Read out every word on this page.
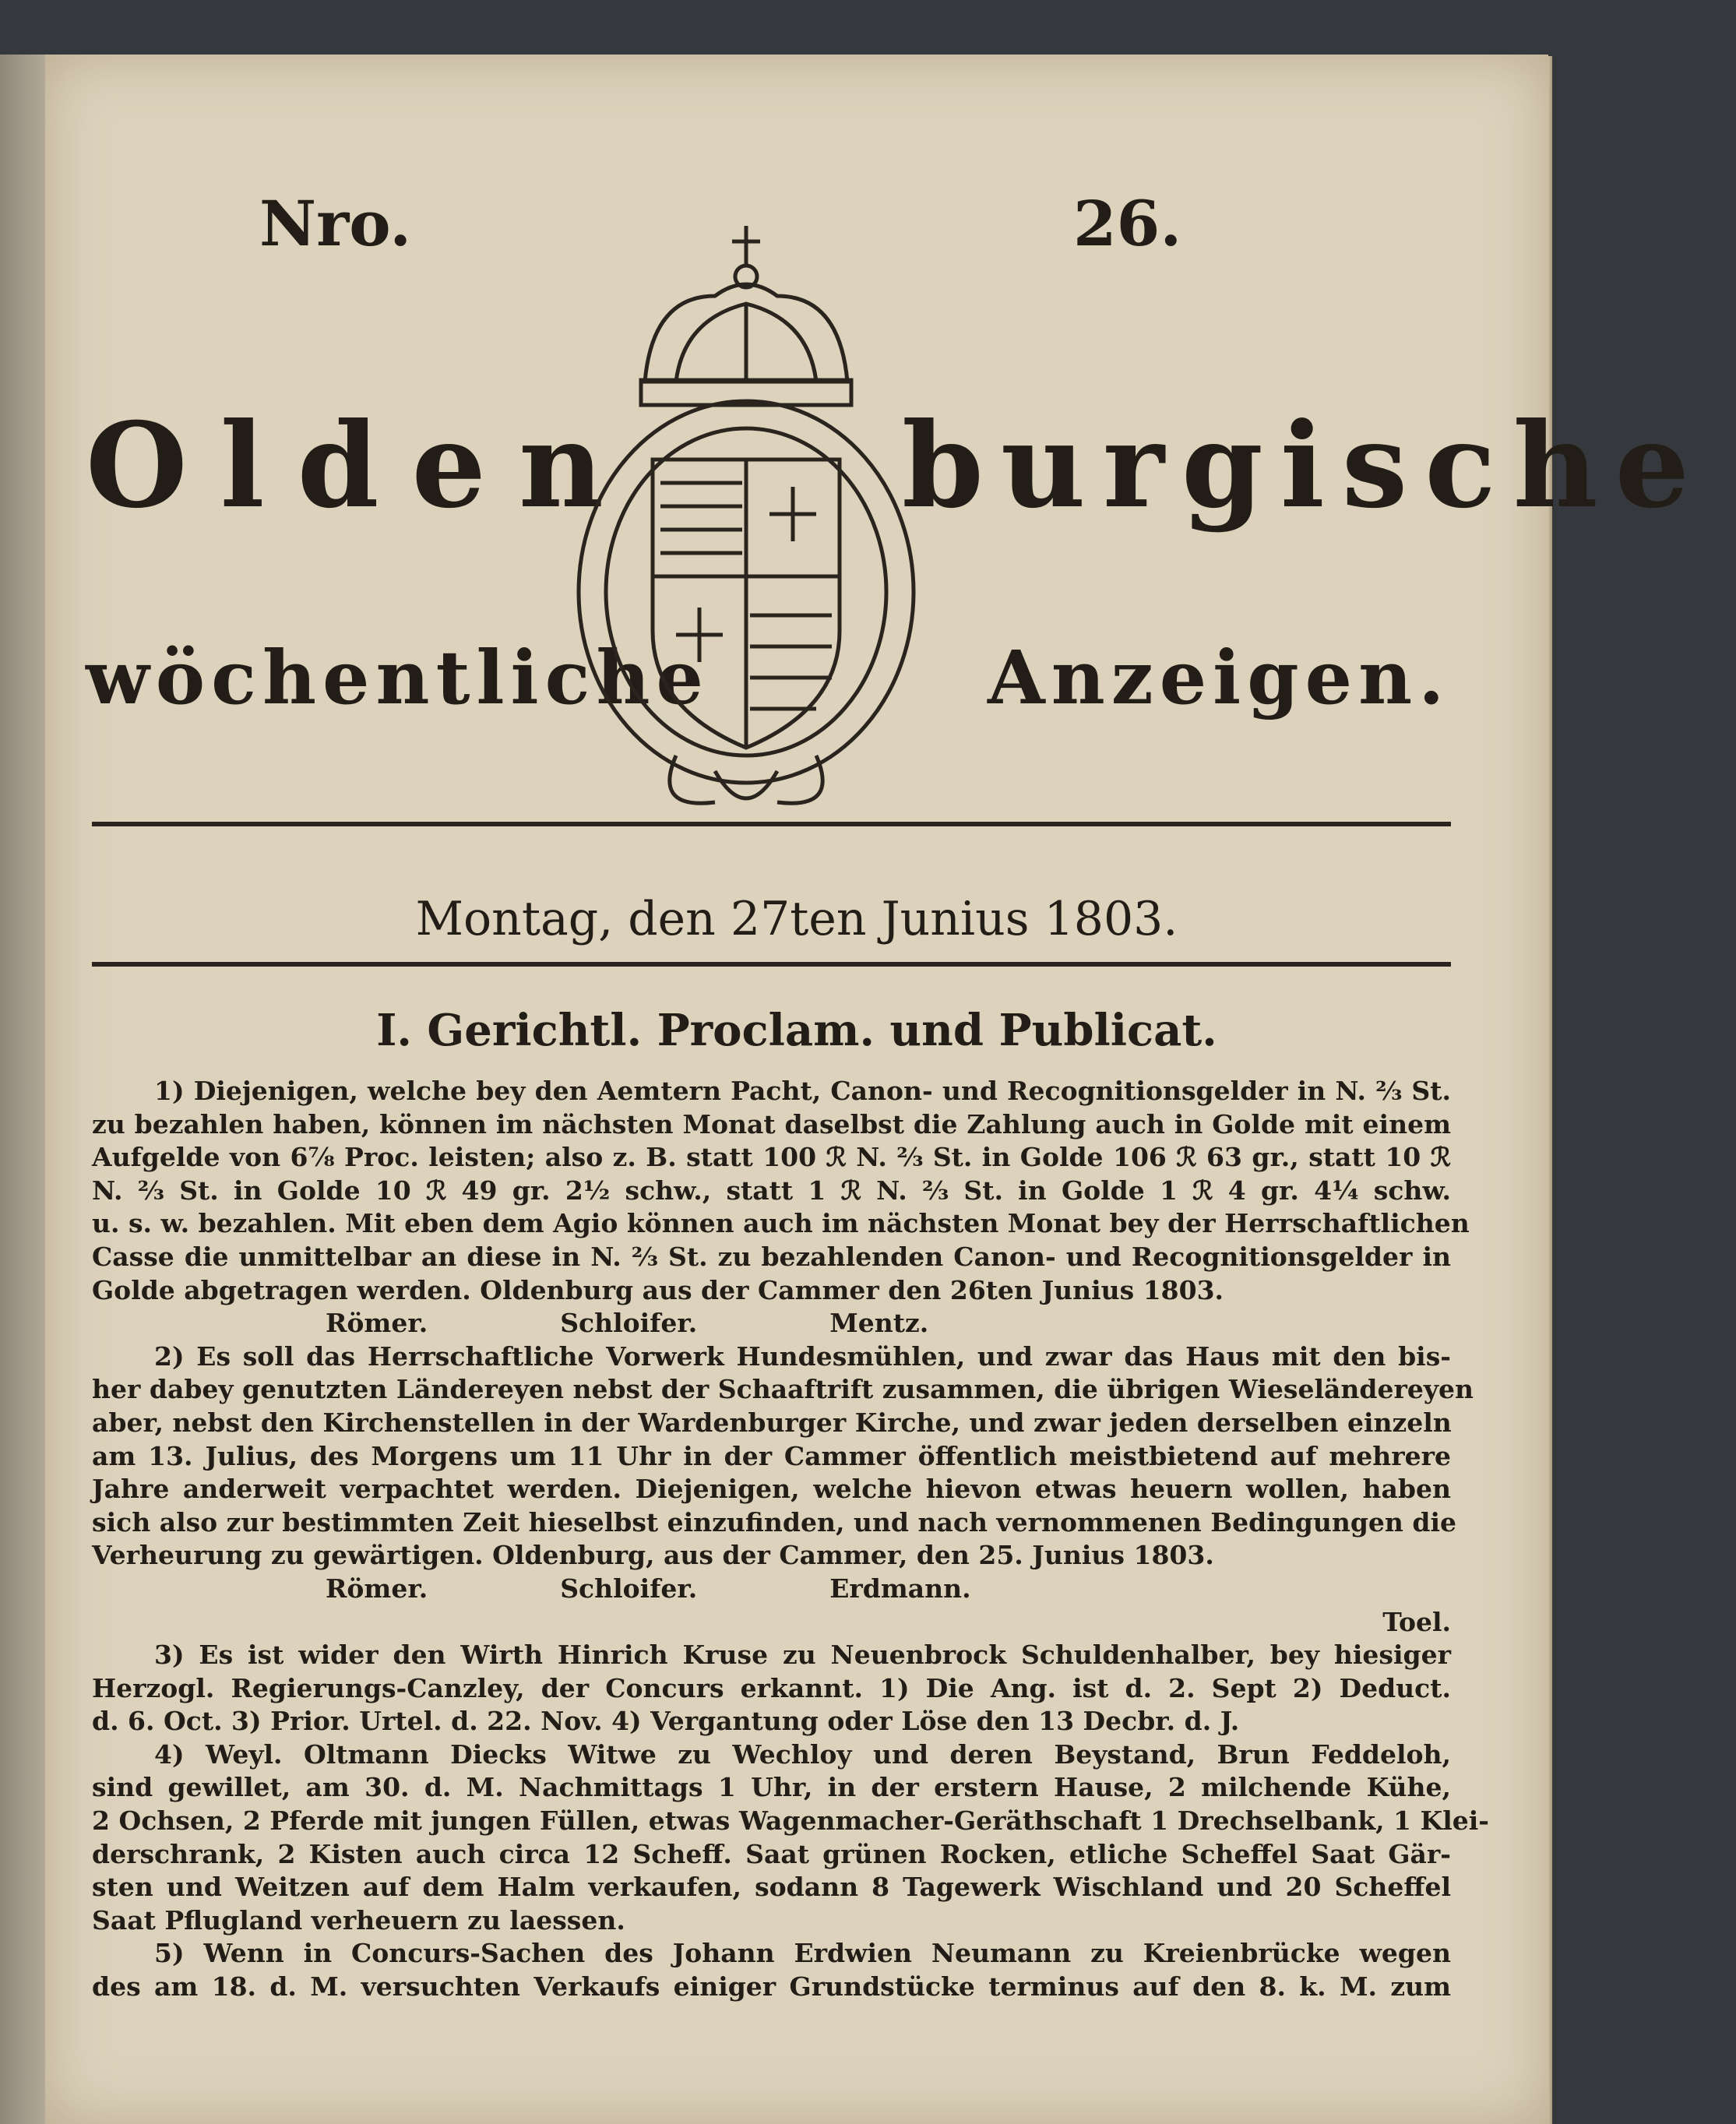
Nro.	26.
Olden burgische
wöchentliche	Anzeigen.
Montag, den 27ten Junius 1803.
I. Gerichtl. Proclam. und Publicat.

1) Diejenigen, welche bey den Aemtern Pacht, Canon- und Recognitionsgelder in N. ⅔ St.
zu bezahlen haben, können im nächsten Monat daselbst die Zahlung auch in Golde mit einem
Aufgelde von 6⅞ Proc. leisten; also z. B. statt 100 ℛ N. ⅔ St. in Golde 106 ℛ 63 gr., statt 10 ℛ
N. ⅔ St. in Golde 10 ℛ 49 gr. 2½ schw., statt 1 ℛ N. ⅔ St. in Golde 1 ℛ 4 gr. 4¼ schw.
u. s. w. bezahlen. Mit eben dem Agio können auch im nächsten Monat bey der Herrschaftlichen
Casse die unmittelbar an diese in N. ⅔ St. zu bezahlenden Canon- und Recognitionsgelder in
Golde abgetragen werden. Oldenburg aus der Cammer den 26ten Junius 1803.

Römer.	Schloifer.	Mentz.

2) Es soll das Herrschaftliche Vorwerk Hundesmühlen, und zwar das Haus mit den bis-
her dabey genutzten Ländereyen nebst der Schaaftrift zusammen, die übrigen Wieseländereyen
aber, nebst den Kirchenstellen in der Wardenburger Kirche, und zwar jeden derselben einzeln
am 13. Julius, des Morgens um 11 Uhr in der Cammer öffentlich meistbietend auf mehrere
Jahre anderweit verpachtet werden. Diejenigen, welche hievon etwas heuern wollen, haben
sich also zur bestimmten Zeit hieselbst einzufinden, und nach vernommenen Bedingungen die
Verheurung zu gewärtigen. Oldenburg, aus der Cammer, den 25. Junius 1803.

Römer.	Schloifer.	Erdmann.
Toel.

3) Es ist wider den Wirth Hinrich Kruse zu Neuenbrock Schuldenhalber, bey hiesiger
Herzogl. Regierungs-Canzley, der Concurs erkannt. 1) Die Ang. ist d. 2. Sept 2) Deduct.
d. 6. Oct. 3) Prior. Urtel. d. 22. Nov. 4) Vergantung oder Löse den 13 Decbr. d. J.

4) Weyl. Oltmann Diecks Witwe zu Wechloy und deren Beystand, Brun Feddeloh,
sind gewillet, am 30. d. M. Nachmittags 1 Uhr, in der erstern Hause, 2 milchende Kühe,
2 Ochsen, 2 Pferde mit jungen Füllen, etwas Wagenmacher-Geräthschaft 1 Drechselbank, 1 Klei-
derschrank, 2 Kisten auch circa 12 Scheff. Saat grünen Rocken, etliche Scheffel Saat Gär-
sten und Weitzen auf dem Halm verkaufen, sodann 8 Tagewerk Wischland und 20 Scheffel
Saat Pflugland verheuern zu laessen.

5) Wenn in Concurs-Sachen des Johann Erdwien Neumann zu Kreienbrücke wegen
des am 18. d. M. versuchten Verkaufs einiger Grundstücke terminus auf den 8. k. M. zum
